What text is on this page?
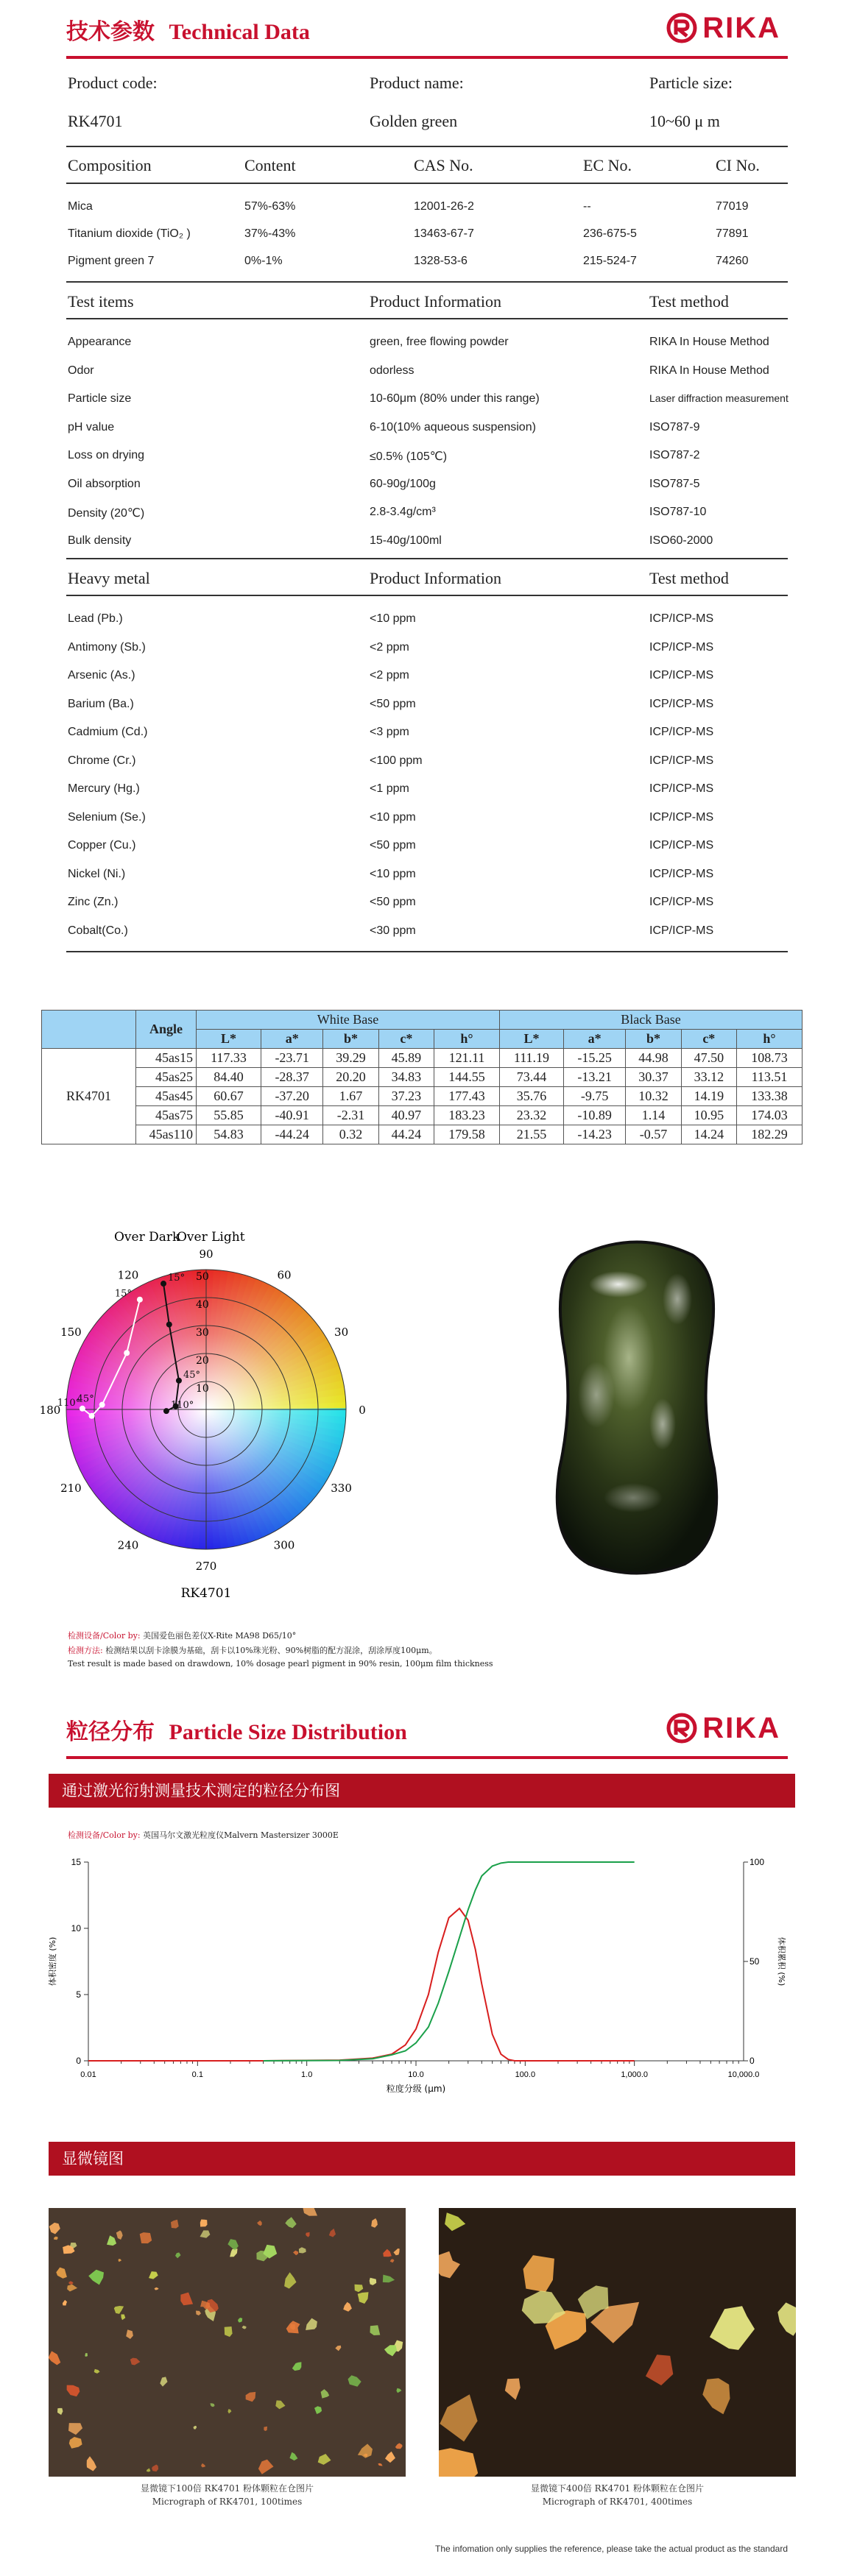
技术参数 Technical Data	RIKA
Product code:	Product name:	Particle size:
RK4701	Golden green	10~60 μ m
Composition	Content	CAS No.	EC No.	CI No.
Mica	57%-63%	12001-26-2	--	77019
Titanium dioxide (TiO₂ )	37%-43%	13463-67-7	236-675-5	77891
Pigment green 7	0%-1%	1328-53-6	215-524-7	74260
Test items	Product Information	Test method
Appearance	green, free flowing powder	RIKA In House Method
Odor	odorless	RIKA In House Method
Particle size	10-60μm (80% under this range)	Laser diffraction measurement
pH value	6-10(10% aqueous suspension)	ISO787-9
Loss on drying	≤0.5% (105℃)	ISO787-2
Oil absorption	60-90g/100g	ISO787-5
Density (20℃)	2.8-3.4g/cm³	ISO787-10
Bulk density	15-40g/100ml	ISO60-2000
Heavy metal	Product Information	Test method
Lead (Pb.)	<10 ppm	ICP/ICP-MS
Antimony (Sb.)	<2 ppm	ICP/ICP-MS
Arsenic (As.)	<2 ppm	ICP/ICP-MS
Barium (Ba.)	<50 ppm	ICP/ICP-MS
Cadmium (Cd.)	<3 ppm	ICP/ICP-MS
Chrome (Cr.)	<100 ppm	ICP/ICP-MS
Mercury (Hg.)	<1 ppm	ICP/ICP-MS
Selenium (Se.)	<10 ppm	ICP/ICP-MS
Copper (Cu.)	<50 ppm	ICP/ICP-MS
Nickel (Ni.)	<10 ppm	ICP/ICP-MS
Zinc (Zn.)	<50 ppm	ICP/ICP-MS
Cobalt(Co.)	<30 ppm	ICP/ICP-MS
	Angle	White Base					Black Base				
		L*	a*	b*	c*	h°	L*	a*	b*	c*	h°
RK4701	45as15	117.33	-23.71	39.29	45.89	121.11	111.19	-15.25	44.98	47.50	108.73
	45as25	84.40	-28.37	20.20	34.83	144.55	73.44	-13.21	30.37	33.12	113.51
	45as45	60.67	-37.20	1.67	37.23	177.43	35.76	-9.75	10.32	14.19	133.38
	45as75	55.85	-40.91	-2.31	40.97	183.23	23.32	-10.89	1.14	10.95	174.03
	45as110	54.83	-44.24	0.32	44.24	179.58	21.55	-14.23	-0.57	14.24	182.29
90
60
30
0
330
300
270
240
210
180
150
120
10
20
30
40
50
15°
45°
110°
15°
45°
110°
Over Dark
Over Light
RK4701
检测设备/Color by: 美国爱色丽色差仪X-Rite MA98 D65/10°
检测方法: 检测结果以刮卡涂膜为基础，刮卡以10%珠光粉、90%树脂的配方混涂，刮涂厚度100μm。
Test result is made based on drawdown, 10% dosage pearl pigment in 90% resin, 100μm film thickness
粒径分布 Particle Size Distribution	RIKA
通过激光衍射测量技术测定的粒径分布图
检测设备/Color by: 英国马尔文激光粒度仪Malvern Mastersizer 3000E
0.01	0.1	1.0	10.0	100.0	1,000.0	10,000.0
0
5
10
15
0
50
100
粒度分级 (μm)
体积密度 (%)	体积累积 (%)
显微镜图
显微镜下100倍 RK4701 粉体颗粒在仓图片
Micrograph of RK4701, 100times
显微镜下400倍 RK4701 粉体颗粒在仓图片
Micrograph of RK4701, 400times
The infomation only supplies the reference, please take the actual product as the standard
